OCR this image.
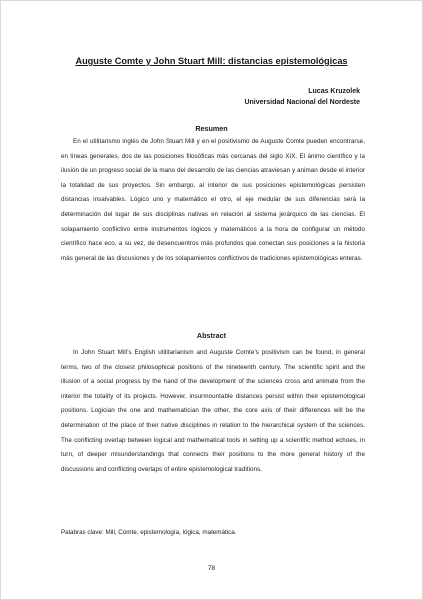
Auguste Comte y John Stuart Mill: distancias epistemológicas
Lucas Kruzolek
Universidad Nacional del Nordeste
Resumen

En el utilitarismo inglés de John Stuart Mill y en el positivismo de Auguste Comte pueden encontrarse, en líneas generales, dos de las posiciones filosóficas más cercanas del siglo XIX. El ánimo científico y la ilusión de un progreso social de la mano del desarrollo de las ciencias atraviesan y animan desde el interior la totalidad de sus proyectos. Sin embargo, al interior de sus posiciones epistemológicas persisten distancias insalvables. Lógico uno y matemático el otro, el eje medular de sus diferencias será la determinación del lugar de sus disciplinas nativas en relación al sistema jerárquico de las ciencias. El solapamiento conflictivo entre instrumentos lógicos y matemáticos a la hora de configurar un método científico hace eco, a su vez, de desencuentros más profundos que conectan sus posiciones a la historia más general de las discusiones y de los solapamientos conflictivos de tradiciones epistemológicas enteras.

Abstract

In John Stuart Mill’s English utilitarianism and Auguste Comte’s positivism can be found, in general terms, two of the closest philosophical positions of the nineteenth century. The scientific spirit and the illusion of a social progress by the hand of the development of the sciences cross and animate from the interior the totality of its projects. However, insurmountable distances persist within their epistemological positions. Logician the one and mathematician the other, the core axis of their differences will be the determination of the place of their native disciplines in relation to the hierarchical system of the sciences. The conflicting overlap between logical and mathematical tools in setting up a scientific method echoes, in turn, of deeper misunderstandings that connects their positions to the more general history of the discussions and conflicting overlaps of entire epistemological traditions.

Palabras clave: Mill, Comte, epistemología, lógica, matemática.

78
